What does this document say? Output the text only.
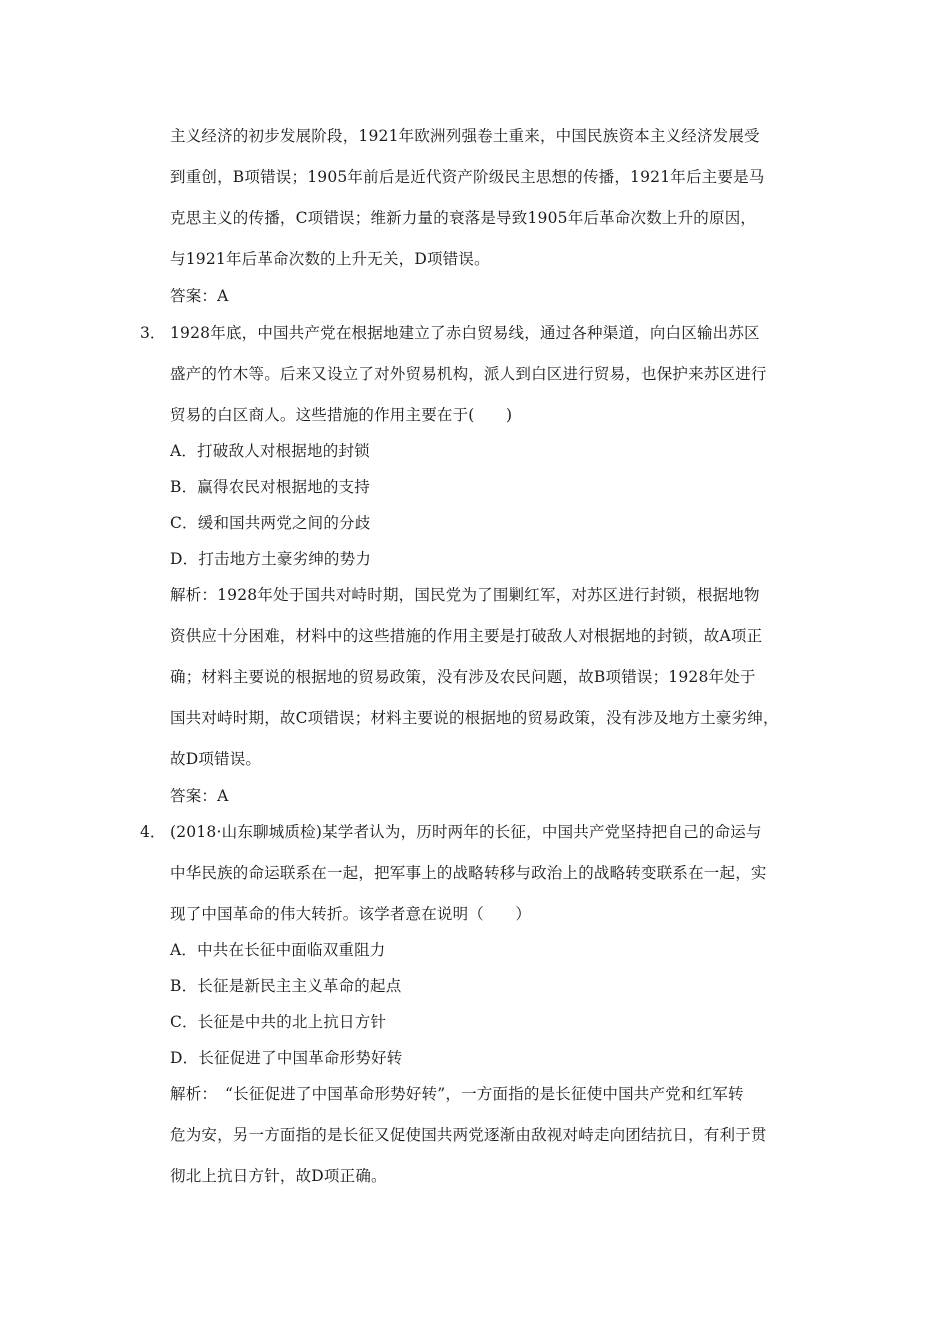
主义经济的初步发展阶段，1921年欧洲列强卷土重来，中国民族资本主义经济发展受
到重创，B项错误；1905年前后是近代资产阶级民主思想的传播，1921年后主要是马
克思主义的传播，C项错误；维新力量的衰落是导致1905年后革命次数上升的原因，
与1921年后革命次数的上升无关，D项错误。
答案：A
3． 1928年底，中国共产党在根据地建立了赤白贸易线，通过各种渠道，向白区输出苏区
盛产的竹木等。后来又设立了对外贸易机构，派人到白区进行贸易，也保护来苏区进行
贸易的白区商人。这些措施的作用主要在于(　　)
A．打破敌人对根据地的封锁
B．赢得农民对根据地的支持
C．缓和国共两党之间的分歧
D．打击地方土豪劣绅的势力
解析：1928年处于国共对峙时期，国民党为了围剿红军，对苏区进行封锁，根据地物
资供应十分困难，材料中的这些措施的作用主要是打破敌人对根据地的封锁，故A项正
确；材料主要说的根据地的贸易政策，没有涉及农民问题，故B项错误；1928年处于
国共对峙时期，故C项错误；材料主要说的根据地的贸易政策，没有涉及地方土豪劣绅，
故D项错误。
答案：A
4． (2018·山东聊城质检)某学者认为，历时两年的长征，中国共产党坚持把自己的命运与
中华民族的命运联系在一起，把军事上的战略转移与政治上的战略转变联系在一起，实
现了中国革命的伟大转折。该学者意在说明（　　）
A．中共在长征中面临双重阻力
B．长征是新民主主义革命的起点
C．长征是中共的北上抗日方针
D．长征促进了中国革命形势好转
解析：　“长征促进了中国革命形势好转”，一方面指的是长征使中国共产党和红军转
危为安，另一方面指的是长征又促使国共两党逐渐由敌视对峙走向团结抗日，有利于贯
彻北上抗日方针，故D项正确。
